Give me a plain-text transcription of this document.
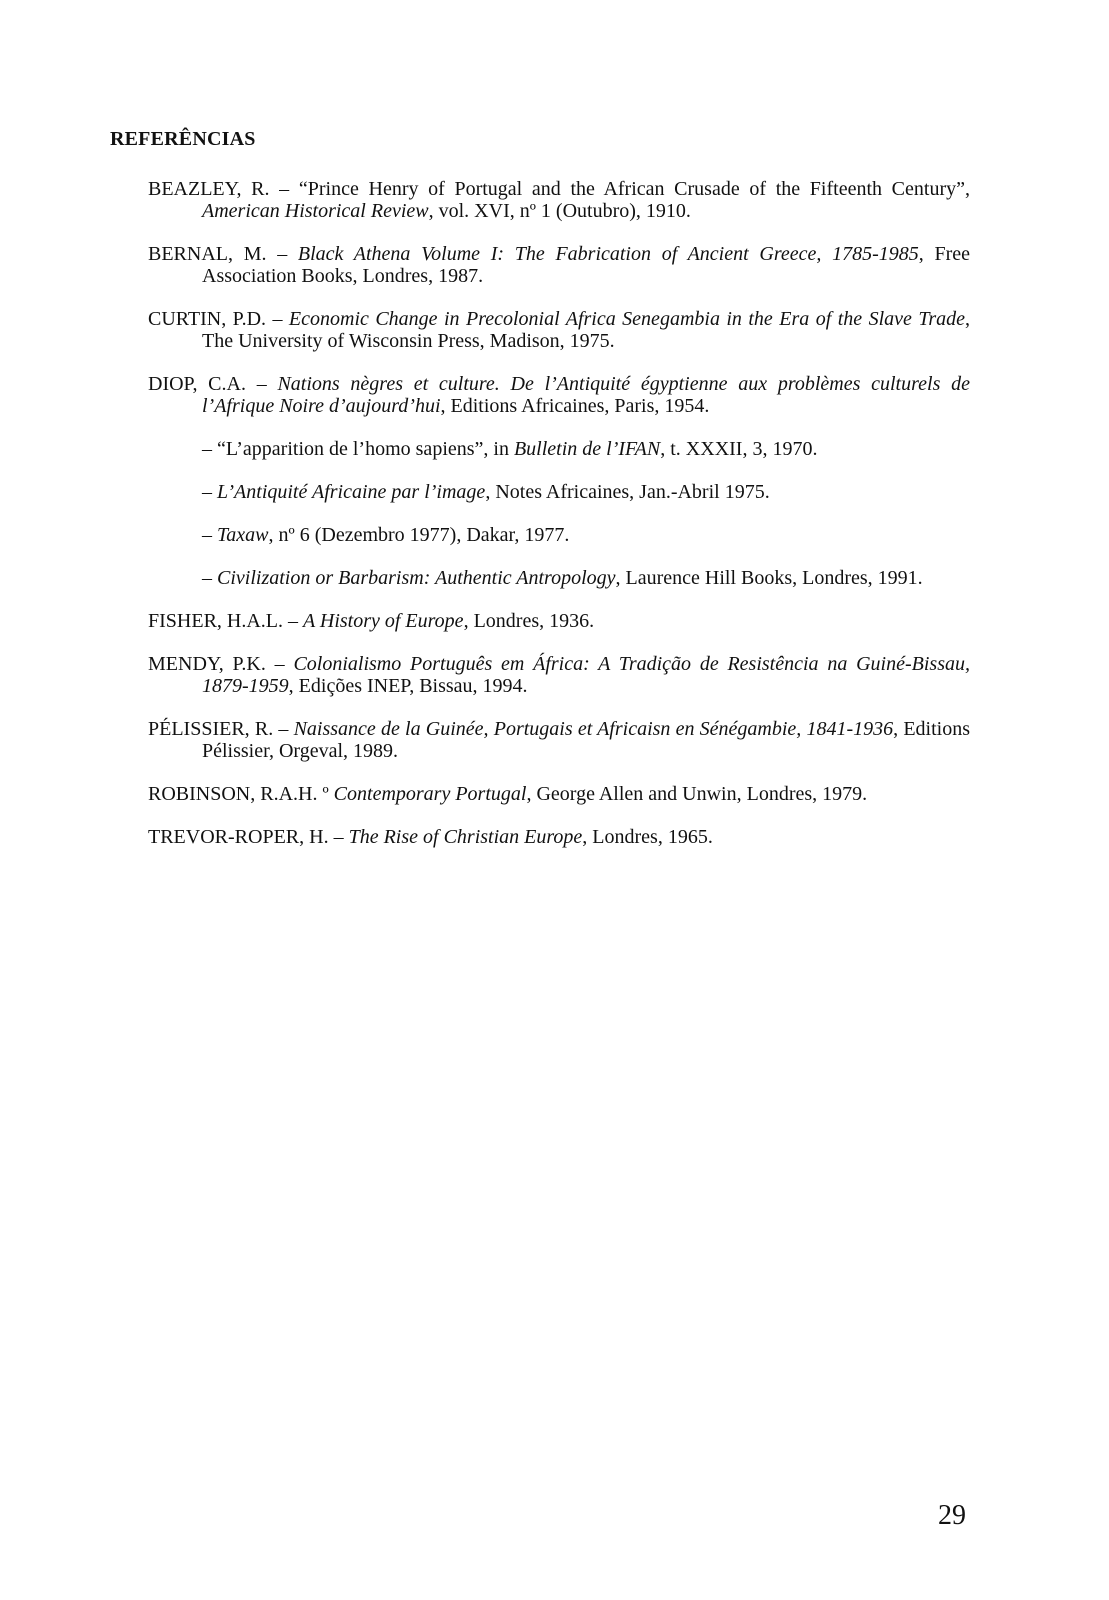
REFERÊNCIAS

BEAZLEY, R. – “Prince Henry of Portugal and the African Crusade of the Fifteenth Century”, American Historical Review, vol. XVI, nº 1 (Outubro), 1910.

BERNAL, M. – Black Athena Volume I: The Fabrication of Ancient Greece, 1785-1985, Free Association Books, Londres, 1987.

CURTIN, P.D. – Economic Change in Precolonial Africa Senegambia in the Era of the Slave Trade, The University of Wisconsin Press, Madison, 1975.

DIOP, C.A. – Nations nègres et culture. De l’Antiquité égyptienne aux problèmes culturels de l’Afrique Noire d’aujourd’hui, Editions Africaines, Paris, 1954.

– “L’apparition de l’homo sapiens”, in Bulletin de l’IFAN, t. XXXII, 3, 1970.

– L’Antiquité Africaine par l’image, Notes Africaines, Jan.-Abril 1975.

– Taxaw, nº 6 (Dezembro 1977), Dakar, 1977.

– Civilization or Barbarism: Authentic Antropology, Laurence Hill Books, Londres, 1991.

FISHER, H.A.L. – A History of Europe, Londres, 1936.

MENDY, P.K. – Colonialismo Português em África: A Tradição de Resistência na Guiné-Bissau, 1879-1959, Edições INEP, Bissau, 1994.

PÉLISSIER, R. – Naissance de la Guinée, Portugais et Africaisn en Sénégambie, 1841-1936, Editions Pélissier, Orgeval, 1989.

ROBINSON, R.A.H. º Contemporary Portugal, George Allen and Unwin, Londres, 1979.

TREVOR-ROPER, H. – The Rise of Christian Europe, Londres, 1965.

29
